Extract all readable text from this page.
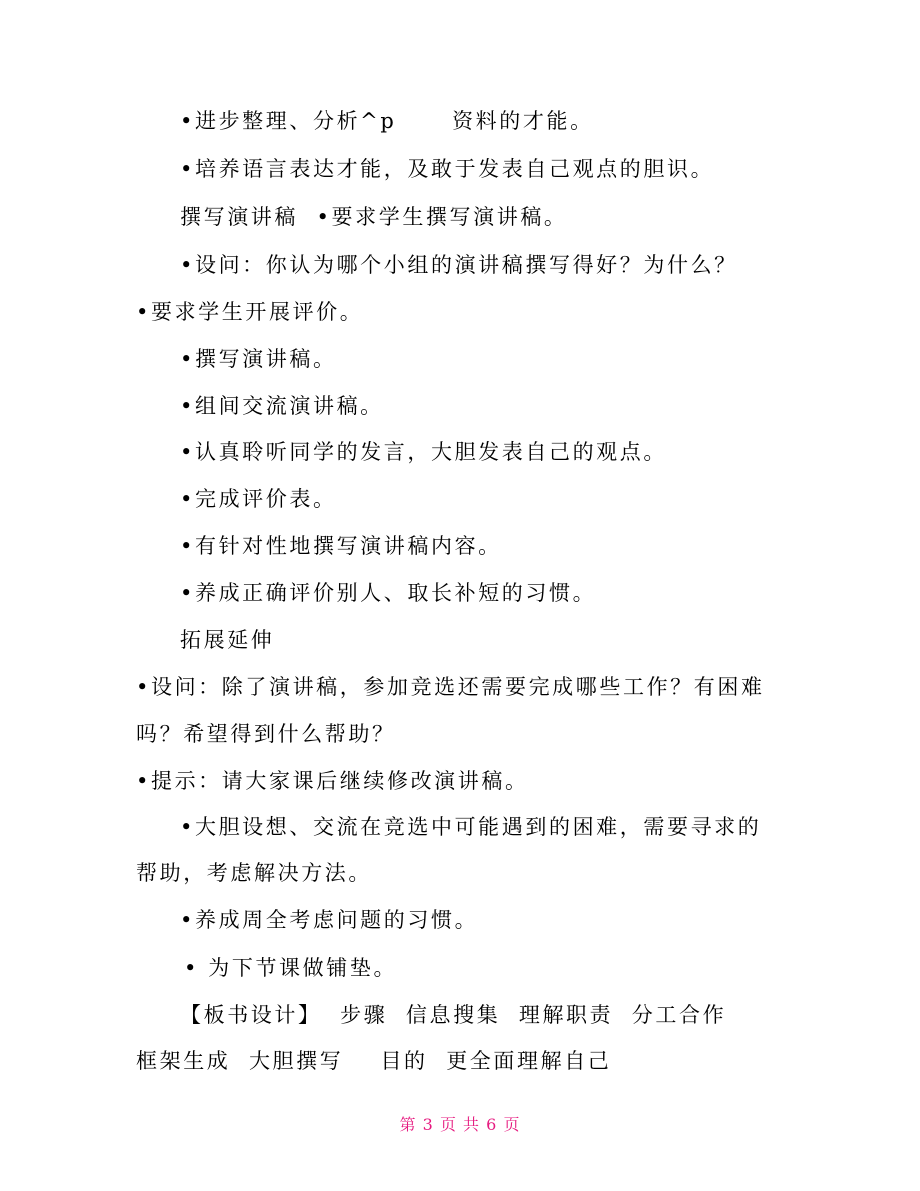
•进步整理、分析^p      资料的才能。
•培养语言表达才能，及敢于发表自己观点的胆识。
撰写演讲稿  •要求学生撰写演讲稿。
•设问：你认为哪个小组的演讲稿撰写得好？为什么？
•要求学生开展评价。
•撰写演讲稿。
•组间交流演讲稿。
•认真聆听同学的发言，大胆发表自己的观点。
•完成评价表。
•有针对性地撰写演讲稿内容。
•养成正确评价别人、取长补短的习惯。
拓展延伸
•设问：除了演讲稿，参加竞选还需要完成哪些工作？有困难
吗？希望得到什么帮助？
•提示：请大家课后继续修改演讲稿。
•大胆设想、交流在竞选中可能遇到的困难，需要寻求的
帮助，考虑解决方法。
•养成周全考虑问题的习惯。
• 为下节课做铺垫。
【板书设计】  步骤  信息搜集  理解职责  分工合作
框架生成  大胆撰写    目的  更全面理解自己
第 3 页 共 6 页
